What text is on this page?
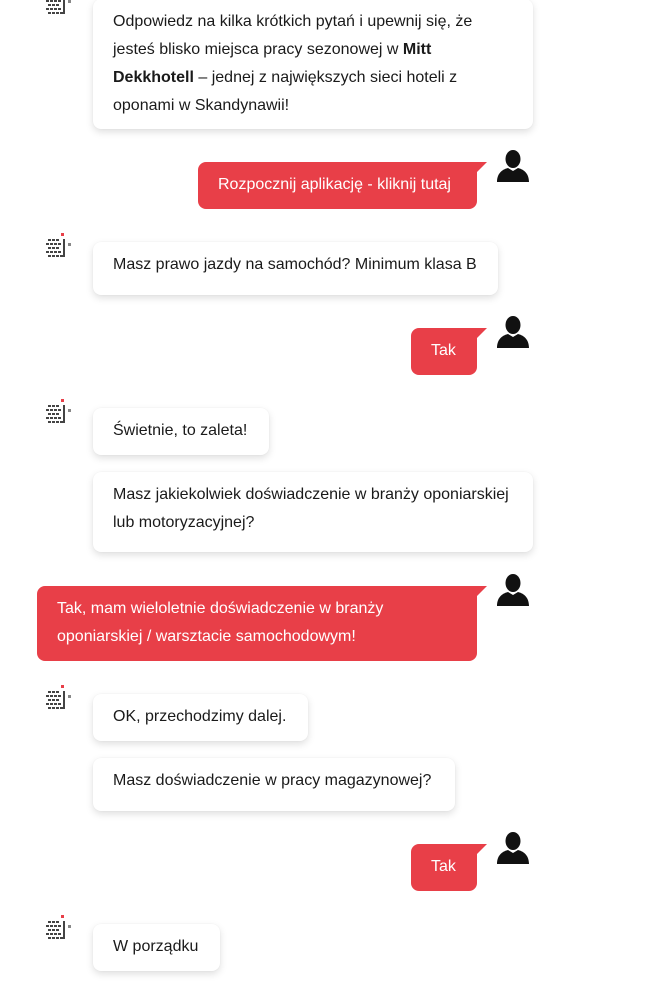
Odpowiedz na kilka krótkich pytań i upewnij się, że jesteś blisko miejsca pracy sezonowej w Mitt Dekkhotell – jednej z największych sieci hoteli z oponami w Skandynawii!
Rozpocznij aplikację - kliknij tutaj
Masz prawo jazdy na samochód? Minimum klasa B
Tak
Świetnie, to zaleta!
Masz jakiekolwiek doświadczenie w branży oponiarskiej lub motoryzacyjnej?
Tak, mam wieloletnie doświadczenie w branży oponiarskiej / warsztacie samochodowym!
OK, przechodzimy dalej.
Masz doświadczenie w pracy magazynowej?
Tak
W porządku
